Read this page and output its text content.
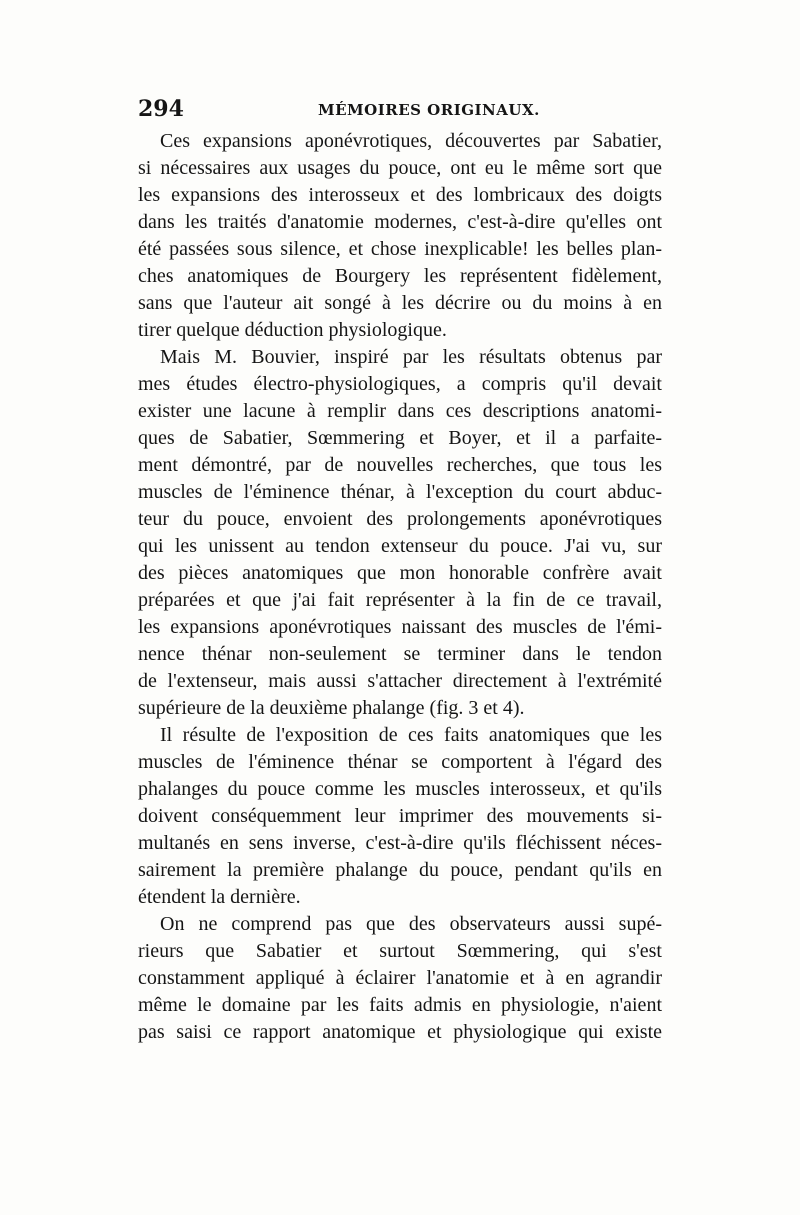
294	MÉMOIRES ORIGINAUX.

Ces expansions aponévrotiques, découvertes par Sabatier,
si nécessaires aux usages du pouce, ont eu le même sort que
les expansions des interosseux et des lombricaux des doigts
dans les traités d'anatomie modernes, c'est-à-dire qu'elles ont
été passées sous silence, et chose inexplicable! les belles plan-
ches anatomiques de Bourgery les représentent fidèlement,
sans que l'auteur ait songé à les décrire ou du moins à en
tirer quelque déduction physiologique.

Mais M. Bouvier, inspiré par les résultats obtenus par
mes études électro-physiologiques, a compris qu'il devait
exister une lacune à remplir dans ces descriptions anatomi-
ques de Sabatier, Sœmmering et Boyer, et il a parfaite-
ment démontré, par de nouvelles recherches, que tous les
muscles de l'éminence thénar, à l'exception du court abduc-
teur du pouce, envoient des prolongements aponévrotiques
qui les unissent au tendon extenseur du pouce. J'ai vu, sur
des pièces anatomiques que mon honorable confrère avait
préparées et que j'ai fait représenter à la fin de ce travail,
les expansions aponévrotiques naissant des muscles de l'émi-
nence thénar non-seulement se terminer dans le tendon
de l'extenseur, mais aussi s'attacher directement à l'extrémité
supérieure de la deuxième phalange (fig. 3 et 4).

Il résulte de l'exposition de ces faits anatomiques que les
muscles de l'éminence thénar se comportent à l'égard des
phalanges du pouce comme les muscles interosseux, et qu'ils
doivent conséquemment leur imprimer des mouvements si-
multanés en sens inverse, c'est-à-dire qu'ils fléchissent néces-
sairement la première phalange du pouce, pendant qu'ils en
étendent la dernière.

On ne comprend pas que des observateurs aussi supé-
rieurs que Sabatier et surtout Sœmmering, qui s'est
constamment appliqué à éclairer l'anatomie et à en agrandir
même le domaine par les faits admis en physiologie, n'aient
pas saisi ce rapport anatomique et physiologique qui existe
